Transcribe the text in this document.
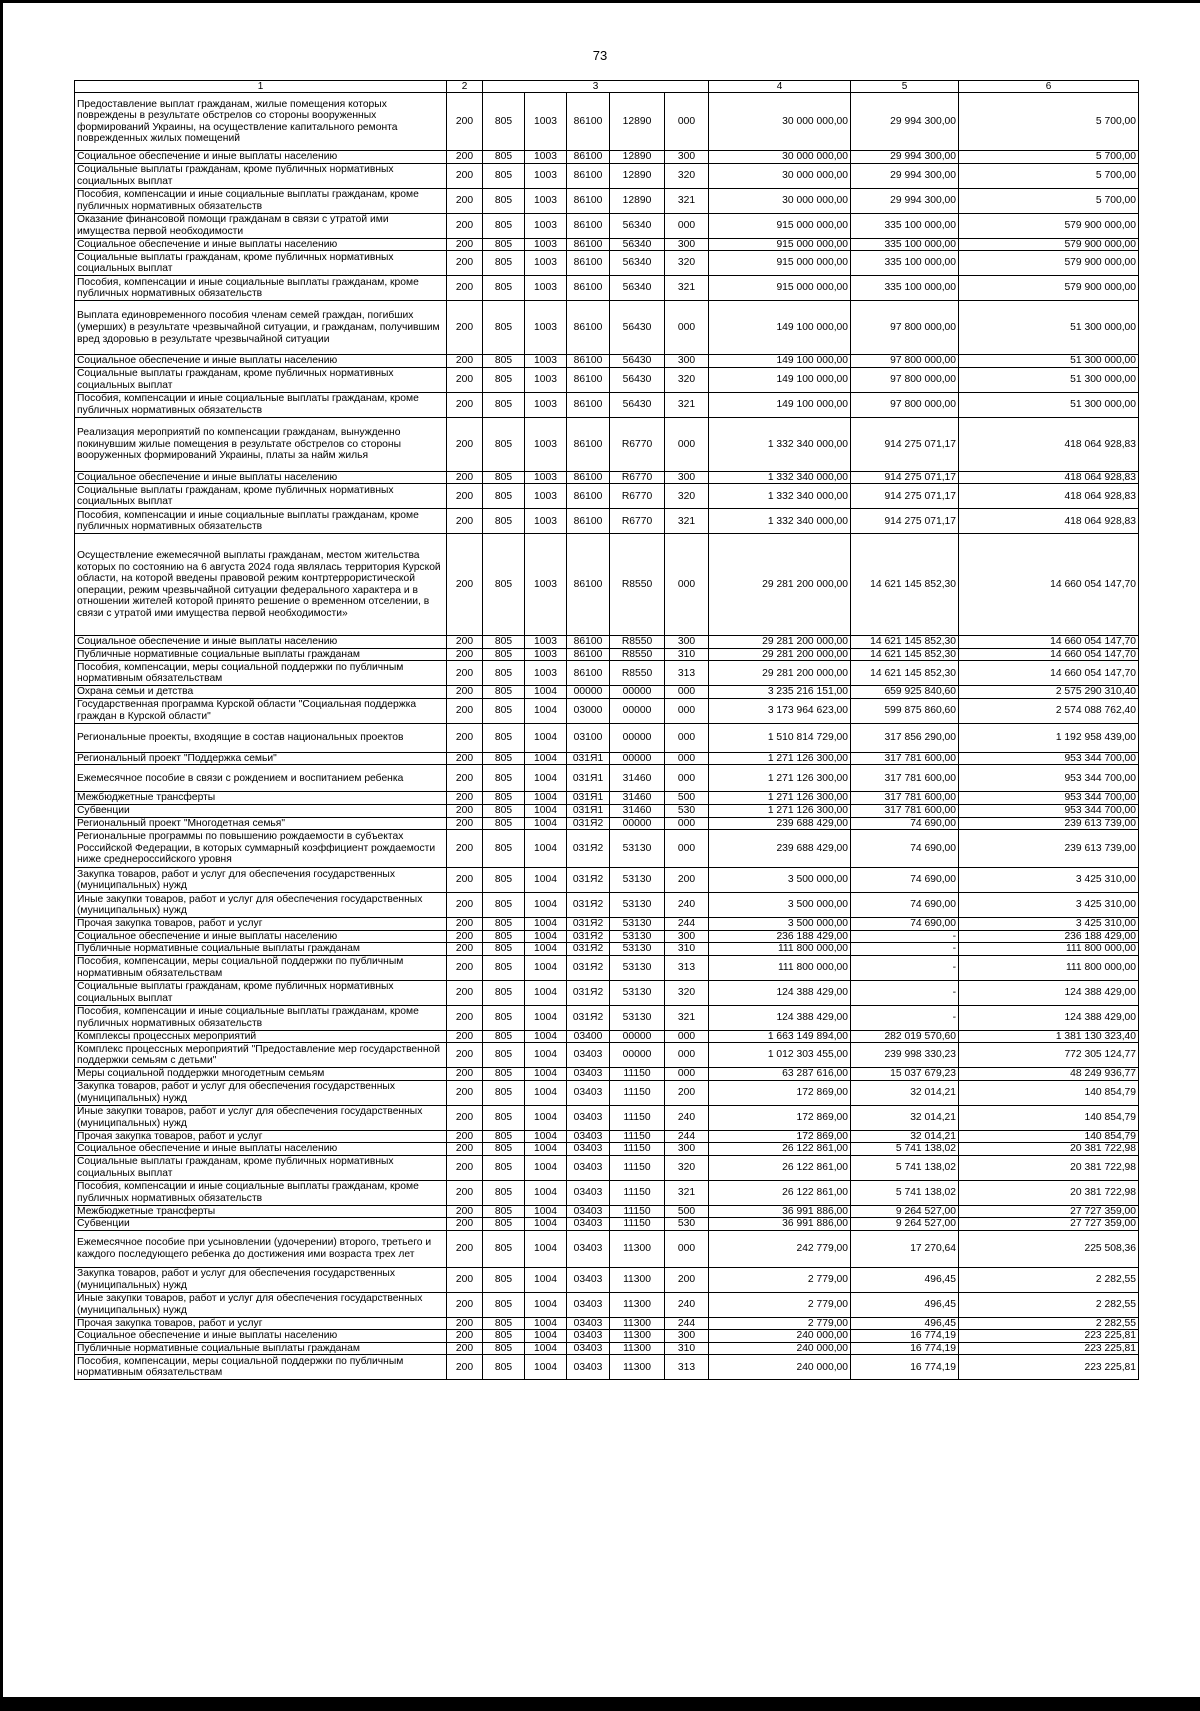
73
1	2	3					4	5	6
Предоставление выплат гражданам, жилые помещения которых повреждены в результате обстрелов со стороны вооруженных формирований Украины, на осуществление капитального ремонта поврежденных жилых помещений	200	805	1003	86100	12890	000	30 000 000,00	29 994 300,00	5 700,00
Социальное обеспечение и иные выплаты населению	200	805	1003	86100	12890	300	30 000 000,00	29 994 300,00	5 700,00
Социальные выплаты гражданам, кроме публичных нормативных социальных выплат	200	805	1003	86100	12890	320	30 000 000,00	29 994 300,00	5 700,00
Пособия, компенсации и иные социальные выплаты гражданам, кроме публичных нормативных обязательств	200	805	1003	86100	12890	321	30 000 000,00	29 994 300,00	5 700,00
Оказание финансовой помощи гражданам в связи с утратой ими имущества первой необходимости	200	805	1003	86100	56340	000	915 000 000,00	335 100 000,00	579 900 000,00
Социальное обеспечение и иные выплаты населению	200	805	1003	86100	56340	300	915 000 000,00	335 100 000,00	579 900 000,00
Социальные выплаты гражданам, кроме публичных нормативных социальных выплат	200	805	1003	86100	56340	320	915 000 000,00	335 100 000,00	579 900 000,00
Пособия, компенсации и иные социальные выплаты гражданам, кроме публичных нормативных обязательств	200	805	1003	86100	56340	321	915 000 000,00	335 100 000,00	579 900 000,00
Выплата единовременного пособия членам семей граждан, погибших (умерших) в результате чрезвычайной ситуации, и гражданам, получившим вред здоровью в результате чрезвычайной ситуации	200	805	1003	86100	56430	000	149 100 000,00	97 800 000,00	51 300 000,00
Социальное обеспечение и иные выплаты населению	200	805	1003	86100	56430	300	149 100 000,00	97 800 000,00	51 300 000,00
Социальные выплаты гражданам, кроме публичных нормативных социальных выплат	200	805	1003	86100	56430	320	149 100 000,00	97 800 000,00	51 300 000,00
Пособия, компенсации и иные социальные выплаты гражданам, кроме публичных нормативных обязательств	200	805	1003	86100	56430	321	149 100 000,00	97 800 000,00	51 300 000,00
Реализация мероприятий по компенсации гражданам, вынужденно покинувшим жилые помещения в результате обстрелов со стороны вооруженных формирований Украины, платы за найм жилья	200	805	1003	86100	R6770	000	1 332 340 000,00	914 275 071,17	418 064 928,83
Социальное обеспечение и иные выплаты населению	200	805	1003	86100	R6770	300	1 332 340 000,00	914 275 071,17	418 064 928,83
Социальные выплаты гражданам, кроме публичных нормативных социальных выплат	200	805	1003	86100	R6770	320	1 332 340 000,00	914 275 071,17	418 064 928,83
Пособия, компенсации и иные социальные выплаты гражданам, кроме публичных нормативных обязательств	200	805	1003	86100	R6770	321	1 332 340 000,00	914 275 071,17	418 064 928,83
Осуществление ежемесячной выплаты гражданам, местом жительства которых по состоянию на 6 августа 2024 года являлась территория Курской области, на которой введены правовой режим контртеррористической операции, режим чрезвычайной ситуации федерального характера и в отношении жителей которой принято решение о временном отселении, в связи с утратой ими имущества первой необходимости»	200	805	1003	86100	R8550	000	29 281 200 000,00	14 621 145 852,30	14 660 054 147,70
Социальное обеспечение и иные выплаты населению	200	805	1003	86100	R8550	300	29 281 200 000,00	14 621 145 852,30	14 660 054 147,70
Публичные нормативные социальные выплаты гражданам	200	805	1003	86100	R8550	310	29 281 200 000,00	14 621 145 852,30	14 660 054 147,70
Пособия, компенсации, меры социальной поддержки по публичным нормативным обязательствам	200	805	1003	86100	R8550	313	29 281 200 000,00	14 621 145 852,30	14 660 054 147,70
Охрана семьи и детства	200	805	1004	00000	00000	000	3 235 216 151,00	659 925 840,60	2 575 290 310,40
Государственная программа Курской области "Социальная поддержка граждан в Курской области"	200	805	1004	03000	00000	000	3 173 964 623,00	599 875 860,60	2 574 088 762,40
Региональные проекты, входящие в состав национальных проектов	200	805	1004	03100	00000	000	1 510 814 729,00	317 856 290,00	1 192 958 439,00
Региональный проект "Поддержка семьи"	200	805	1004	031Я1	00000	000	1 271 126 300,00	317 781 600,00	953 344 700,00
Ежемесячное пособие в связи с рождением и воспитанием ребенка	200	805	1004	031Я1	31460	000	1 271 126 300,00	317 781 600,00	953 344 700,00
Межбюджетные трансферты	200	805	1004	031Я1	31460	500	1 271 126 300,00	317 781 600,00	953 344 700,00
Субвенции	200	805	1004	031Я1	31460	530	1 271 126 300,00	317 781 600,00	953 344 700,00
Региональный проект "Многодетная семья"	200	805	1004	031Я2	00000	000	239 688 429,00	74 690,00	239 613 739,00
Региональные программы по повышению рождаемости в субъектах Российской Федерации, в которых суммарный коэффициент рождаемости ниже среднероссийского уровня	200	805	1004	031Я2	53130	000	239 688 429,00	74 690,00	239 613 739,00
Закупка товаров, работ и услуг для обеспечения государственных (муниципальных) нужд	200	805	1004	031Я2	53130	200	3 500 000,00	74 690,00	3 425 310,00
Иные закупки товаров, работ и услуг для обеспечения государственных (муниципальных) нужд	200	805	1004	031Я2	53130	240	3 500 000,00	74 690,00	3 425 310,00
Прочая закупка товаров, работ и услуг	200	805	1004	031Я2	53130	244	3 500 000,00	74 690,00	3 425 310,00
Социальное обеспечение и иные выплаты населению	200	805	1004	031Я2	53130	300	236 188 429,00	-	236 188 429,00
Публичные нормативные социальные выплаты гражданам	200	805	1004	031Я2	53130	310	111 800 000,00	-	111 800 000,00
Пособия, компенсации, меры социальной поддержки по публичным нормативным обязательствам	200	805	1004	031Я2	53130	313	111 800 000,00	-	111 800 000,00
Социальные выплаты гражданам, кроме публичных нормативных социальных выплат	200	805	1004	031Я2	53130	320	124 388 429,00	-	124 388 429,00
Пособия, компенсации и иные социальные выплаты гражданам, кроме публичных нормативных обязательств	200	805	1004	031Я2	53130	321	124 388 429,00	-	124 388 429,00
Комплексы процессных мероприятий	200	805	1004	03400	00000	000	1 663 149 894,00	282 019 570,60	1 381 130 323,40
Комплекс процессных мероприятий "Предоставление мер государственной поддержки семьям с детьми"	200	805	1004	03403	00000	000	1 012 303 455,00	239 998 330,23	772 305 124,77
Меры социальной поддержки многодетным семьям	200	805	1004	03403	11150	000	63 287 616,00	15 037 679,23	48 249 936,77
Закупка товаров, работ и услуг для обеспечения государственных (муниципальных) нужд	200	805	1004	03403	11150	200	172 869,00	32 014,21	140 854,79
Иные закупки товаров, работ и услуг для обеспечения государственных (муниципальных) нужд	200	805	1004	03403	11150	240	172 869,00	32 014,21	140 854,79
Прочая закупка товаров, работ и услуг	200	805	1004	03403	11150	244	172 869,00	32 014,21	140 854,79
Социальное обеспечение и иные выплаты населению	200	805	1004	03403	11150	300	26 122 861,00	5 741 138,02	20 381 722,98
Социальные выплаты гражданам, кроме публичных нормативных социальных выплат	200	805	1004	03403	11150	320	26 122 861,00	5 741 138,02	20 381 722,98
Пособия, компенсации и иные социальные выплаты гражданам, кроме публичных нормативных обязательств	200	805	1004	03403	11150	321	26 122 861,00	5 741 138,02	20 381 722,98
Межбюджетные трансферты	200	805	1004	03403	11150	500	36 991 886,00	9 264 527,00	27 727 359,00
Субвенции	200	805	1004	03403	11150	530	36 991 886,00	9 264 527,00	27 727 359,00
Ежемесячное пособие при усыновлении (удочерении) второго, третьего и каждого последующего ребенка до достижения ими возраста трех лет	200	805	1004	03403	11300	000	242 779,00	17 270,64	225 508,36
Закупка товаров, работ и услуг для обеспечения государственных (муниципальных) нужд	200	805	1004	03403	11300	200	2 779,00	496,45	2 282,55
Иные закупки товаров, работ и услуг для обеспечения государственных (муниципальных) нужд	200	805	1004	03403	11300	240	2 779,00	496,45	2 282,55
Прочая закупка товаров, работ и услуг	200	805	1004	03403	11300	244	2 779,00	496,45	2 282,55
Социальное обеспечение и иные выплаты населению	200	805	1004	03403	11300	300	240 000,00	16 774,19	223 225,81
Публичные нормативные социальные выплаты гражданам	200	805	1004	03403	11300	310	240 000,00	16 774,19	223 225,81
Пособия, компенсации, меры социальной поддержки по публичным нормативным обязательствам	200	805	1004	03403	11300	313	240 000,00	16 774,19	223 225,81
